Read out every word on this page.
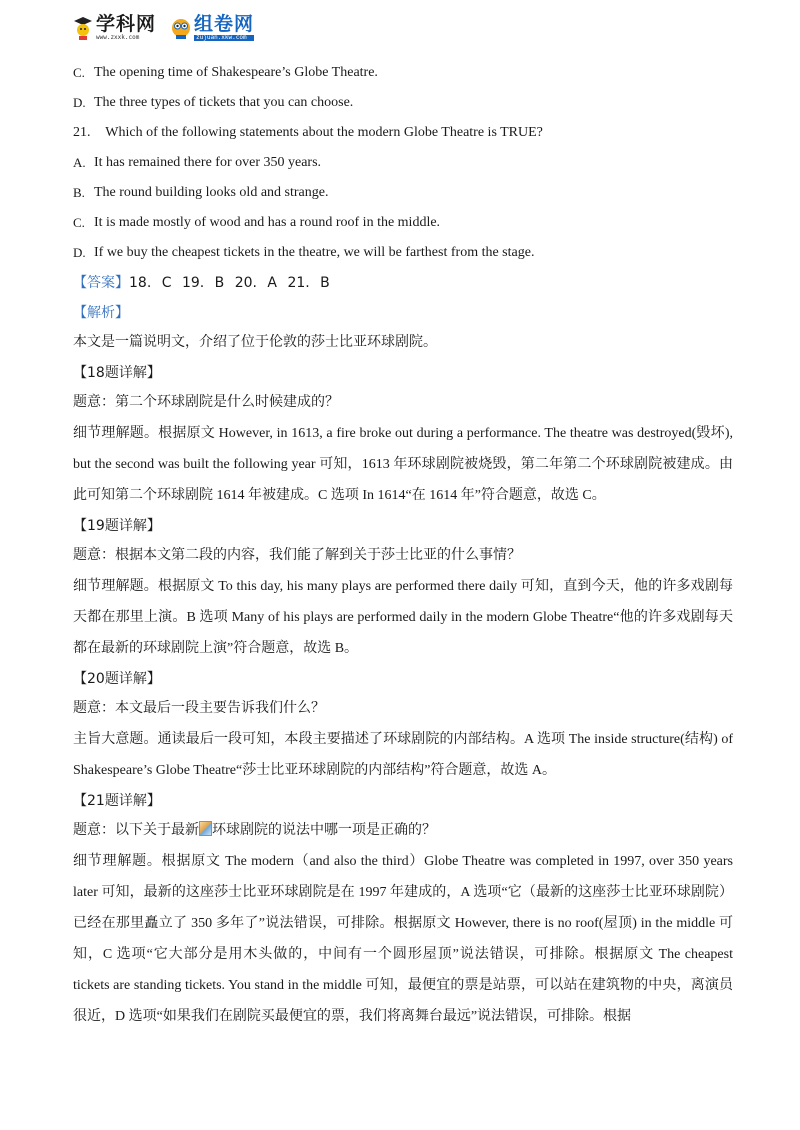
学科网
www.zxxk.com
组卷网
zujuan.xkw.com
C. The opening time of Shakespeare’s Globe Theatre.
D. The three types of tickets that you can choose.
21. Which of the following statements about the modern Globe Theatre is TRUE?
A. It has remained there for over 350 years.
B. The round building looks old and strange.
C. It is made mostly of wood and has a round roof in the middle.
D. If we buy the cheapest tickets in the theatre, we will be farthest from the stage.
【答案】18. C 19. B 20. A 21. B
【解析】
本文是一篇说明文，介绍了位于伦敦的莎士比亚环球剧院。
【18题详解】
题意：第二个环球剧院是什么时候建成的？

细节理解题。根据原文 However, in 1613, a fire broke out during a performance. The theatre was destroyed(毁坏), but the second was built the following year 可知，1613 年环球剧院被烧毁，第二年第二个环球剧院被建成。由此可知第二个环球剧院 1614 年被建成。C 选项 In 1614“在 1614 年”符合题意，故选 C。

【19题详解】
题意：根据本文第二段的内容，我们能了解到关于莎士比亚的什么事情？

细节理解题。根据原文 To this day, his many plays are performed there daily 可知，直到今天，他的许多戏剧每天都在那里上演。B 选项 Many of his plays are performed daily in the modern Globe Theatre“他的许多戏剧每天都在最新的环球剧院上演”符合题意，故选 B。

【20题详解】
题意：本文最后一段主要告诉我们什么？

主旨大意题。通读最后一段可知，本段主要描述了环球剧院的内部结构。A 选项 The inside structure(结构) of Shakespeare’s Globe Theatre“莎士比亚环球剧院的内部结构”符合题意，故选 A。

【21题详解】
题意：以下关于最新 环球剧院的说法中哪一项是正确的？

细节理解题。根据原文 The modern（and also the third）Globe Theatre was completed in 1997, over 350 years later 可知，最新的这座莎士比亚环球剧院是在 1997 年建成的，A 选项“它（最新的这座莎士比亚环球剧院）已经在那里矗立了 350 多年了”说法错误，可排除。根据原文 However, there is no roof(屋顶) in the middle 可知，C 选项“它大部分是用木头做的，中间有一个圆形屋顶”说法错误，可排除。根据原文 The cheapest tickets are standing tickets. You stand in the middle 可知，最便宜的票是站票，可以站在建筑物的中央，离演员很近，D 选项“如果我们在剧院买最便宜的票，我们将离舞台最远”说法错误，可排除。根据
